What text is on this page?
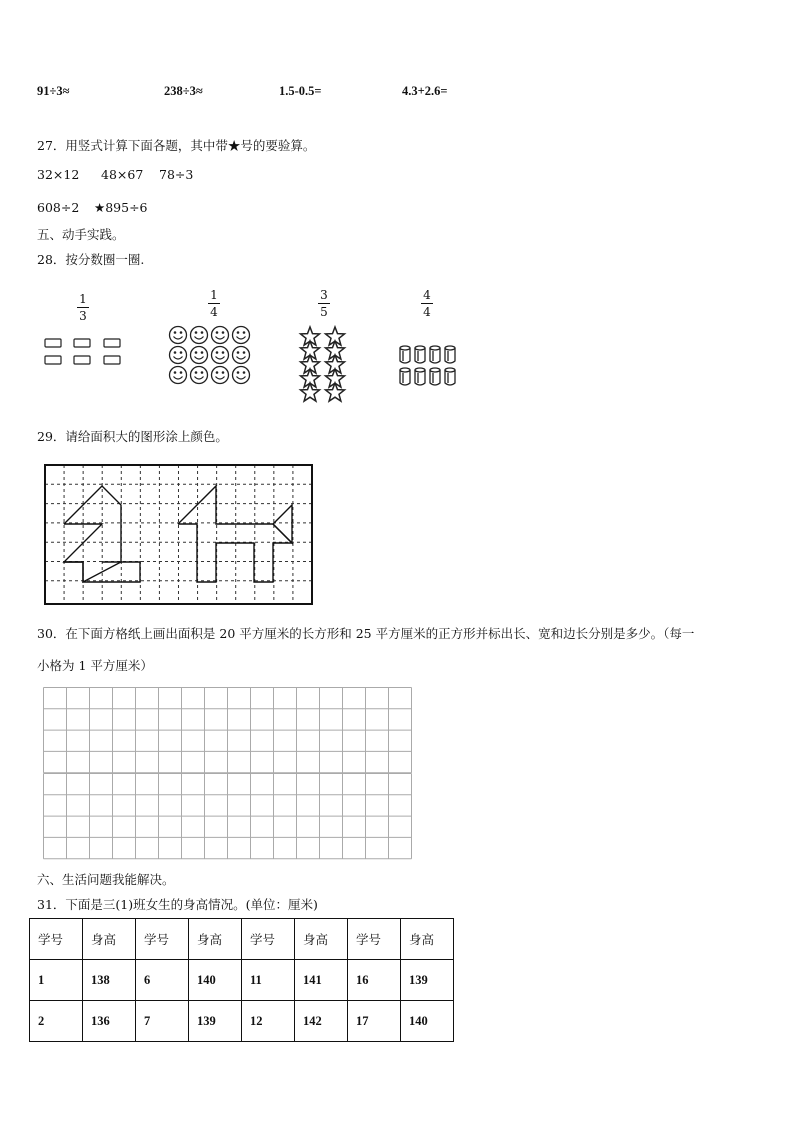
91÷3≈	238÷3≈	1.5-0.5=	4.3+2.6=
27．用竖式计算下面各题，其中带★号的要验算。
32×12 48×67 78÷3
608÷2 ★895÷6
五、动手实践。
28．按分数圈一圈.
1
3
1
4
3
5
4
4
29．请给面积大的图形涂上颜色。
30．在下面方格纸上画出面积是 20 平方厘米的长方形和 25 平方厘米的正方形并标出长、宽和边长分别是多少。（每一
小格为 1 平方厘米）
六、生活问题我能解决。
31．下面是三(1)班女生的身高情况。(单位：厘米)
学号	身高	学号	身高	学号	身高	学号	身高
1	138	6	140	11	141	16	139
2	136	7	139	12	142	17	140
